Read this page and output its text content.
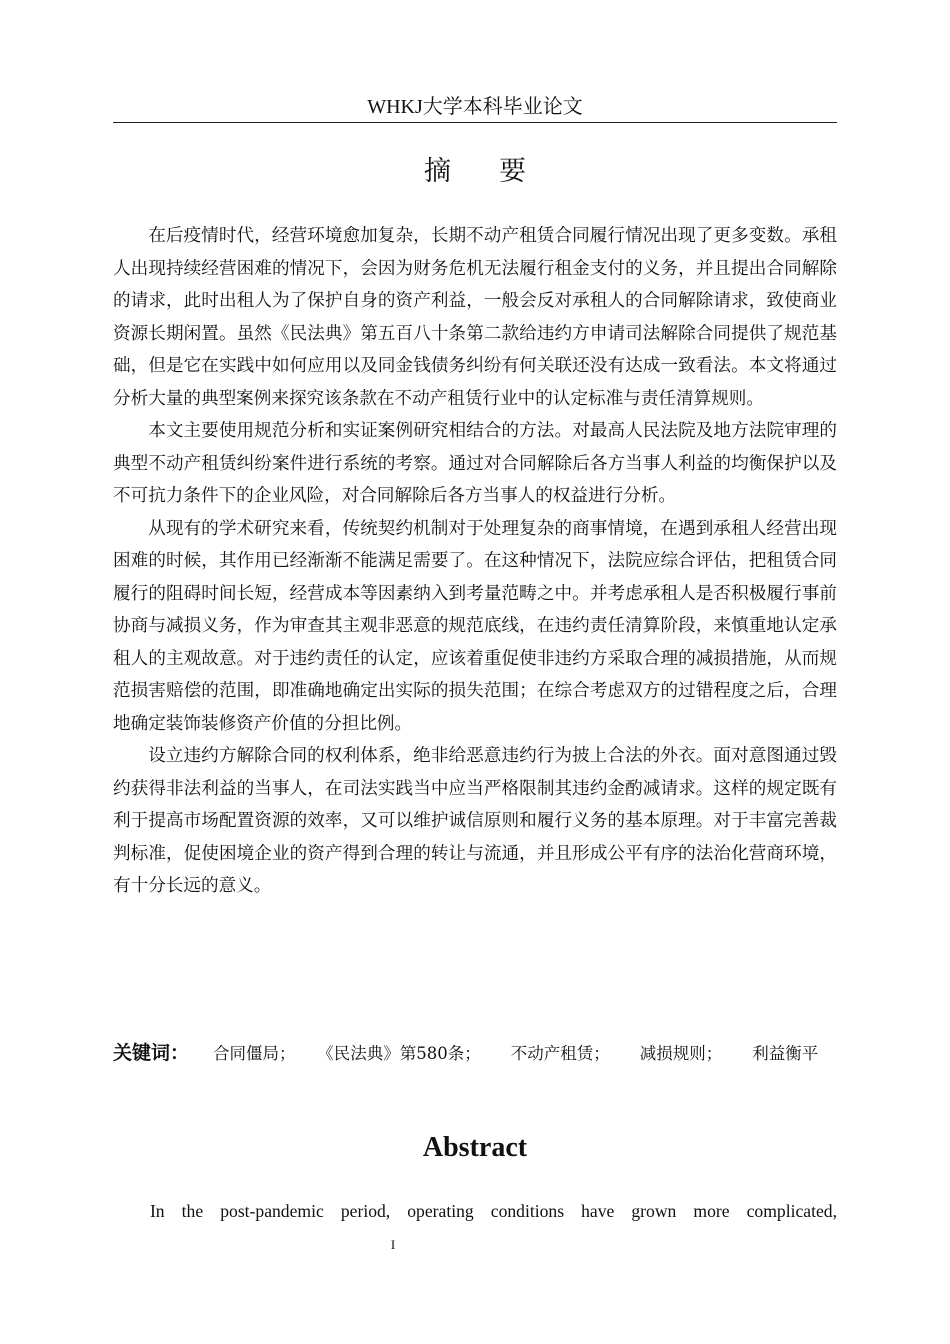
WHKJ大学本科毕业论文
摘要

在后疫情时代，经营环境愈加复杂，长期不动产租赁合同履行情况出现了更多变数。承租人出现持续经营困难的情况下，会因为财务危机无法履行租金支付的义务，并且提出合同解除的请求，此时出租人为了保护自身的资产利益，一般会反对承租人的合同解除请求，致使商业资源长期闲置。虽然《民法典》第五百八十条第二款给违约方申请司法解除合同提供了规范基础，但是它在实践中如何应用以及同金钱债务纠纷有何关联还没有达成一致看法。本文将通过分析大量的典型案例来探究该条款在不动产租赁行业中的认定标准与责任清算规则。

本文主要使用规范分析和实证案例研究相结合的方法。对最高人民法院及地方法院审理的典型不动产租赁纠纷案件进行系统的考察。通过对合同解除后各方当事人利益的均衡保护以及不可抗力条件下的企业风险，对合同解除后各方当事人的权益进行分析。

从现有的学术研究来看，传统契约机制对于处理复杂的商事情境，在遇到承租人经营出现困难的时候，其作用已经渐渐不能满足需要了。在这种情况下，法院应综合评估，把租赁合同履行的阻碍时间长短，经营成本等因素纳入到考量范畴之中。并考虑承租人是否积极履行事前协商与减损义务，作为审查其主观非恶意的规范底线，在违约责任清算阶段，来慎重地认定承租人的主观故意。对于违约责任的认定，应该着重促使非违约方采取合理的减损措施，从而规范损害赔偿的范围，即准确地确定出实际的损失范围；在综合考虑双方的过错程度之后，合理地确定装饰装修资产价值的分担比例。

设立违约方解除合同的权利体系，绝非给恶意违约行为披上合法的外衣。面对意图通过毁约获得非法利益的当事人，在司法实践当中应当严格限制其违约金酌减请求。这样的规定既有利于提高市场配置资源的效率，又可以维护诚信原则和履行义务的基本原理。对于丰富完善裁判标准，促使困境企业的资产得到合理的转让与流通，并且形成公平有序的法治化营商环境，有十分长远的意义。

关键词： 合同僵局； 《民法典》第580条； 不动产租赁； 减损规则； 利益衡平
Abstract
In the post-pandemic period, operating conditions have grown more complicated,
I
